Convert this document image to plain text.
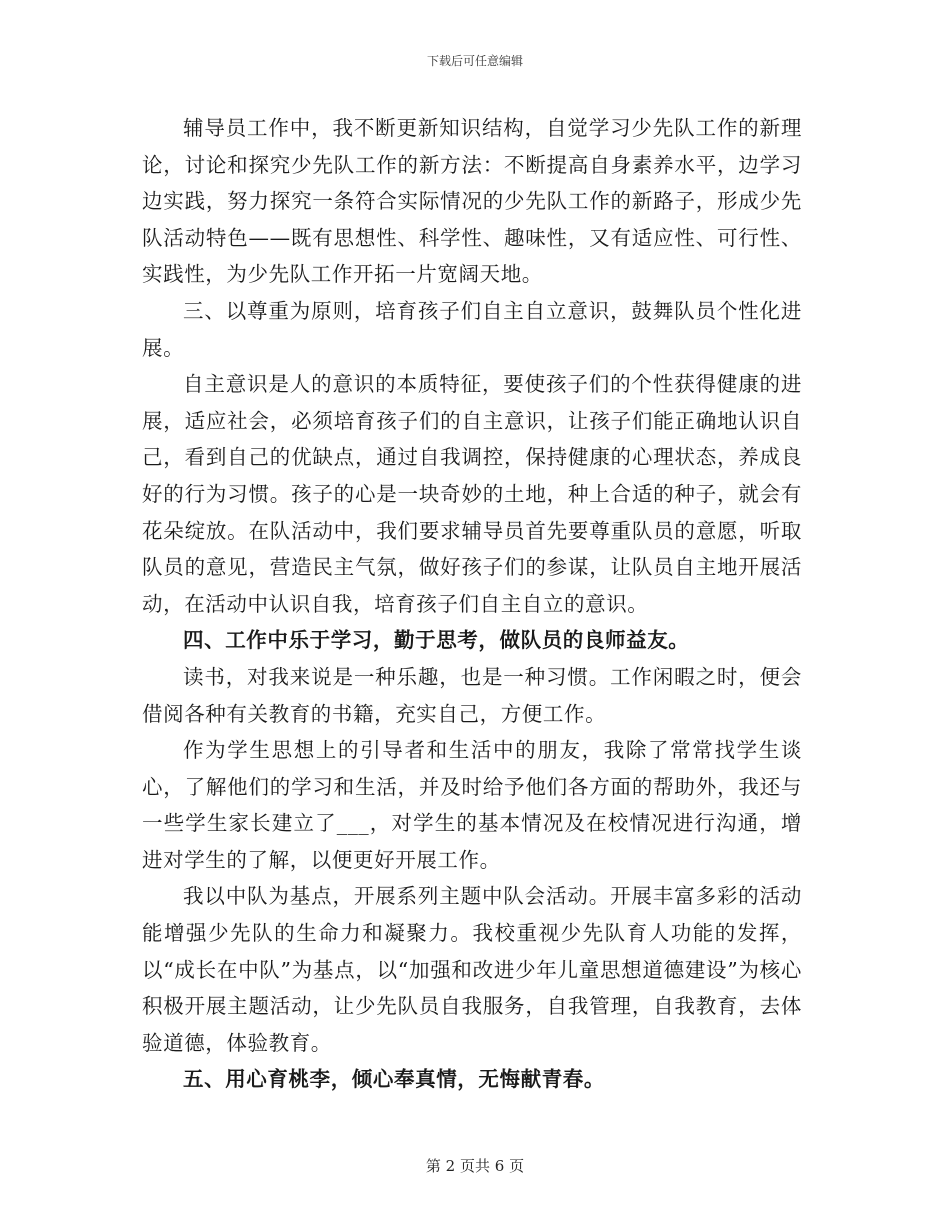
下载后可任意编辑

辅导员工作中，我不断更新知识结构，自觉学习少先队工作的新理论，讨论和探究少先队工作的新方法：不断提高自身素养水平，边学习边实践，努力探究一条符合实际情况的少先队工作的新路子，形成少先队活动特色——既有思想性、科学性、趣味性，又有适应性、可行性、实践性，为少先队工作开拓一片宽阔天地。

三、以尊重为原则，培育孩子们自主自立意识，鼓舞队员个性化进展。

自主意识是人的意识的本质特征，要使孩子们的个性获得健康的进展，适应社会，必须培育孩子们的自主意识，让孩子们能正确地认识自己，看到自己的优缺点，通过自我调控，保持健康的心理状态，养成良好的行为习惯。孩子的心是一块奇妙的土地，种上合适的种子，就会有花朵绽放。在队活动中，我们要求辅导员首先要尊重队员的意愿，听取队员的意见，营造民主气氛，做好孩子们的参谋，让队员自主地开展活动，在活动中认识自我，培育孩子们自主自立的意识。

四、工作中乐于学习，勤于思考，做队员的良师益友。

读书，对我来说是一种乐趣，也是一种习惯。工作闲暇之时，便会借阅各种有关教育的书籍，充实自己，方便工作。

作为学生思想上的引导者和生活中的朋友，我除了常常找学生谈心，了解他们的学习和生活，并及时给予他们各方面的帮助外，我还与一些学生家长建立了___，对学生的基本情况及在校情况进行沟通，增进对学生的了解，以便更好开展工作。

我以中队为基点，开展系列主题中队会活动。开展丰富多彩的活动能增强少先队的生命力和凝聚力。我校重视少先队育人功能的发挥，以“成长在中队”为基点，以“加强和改进少年儿童思想道德建设”为核心积极开展主题活动，让少先队员自我服务，自我管理，自我教育，去体验道德，体验教育。

五、用心育桃李，倾心奉真情，无悔献青春。

第 2 页共 6 页
